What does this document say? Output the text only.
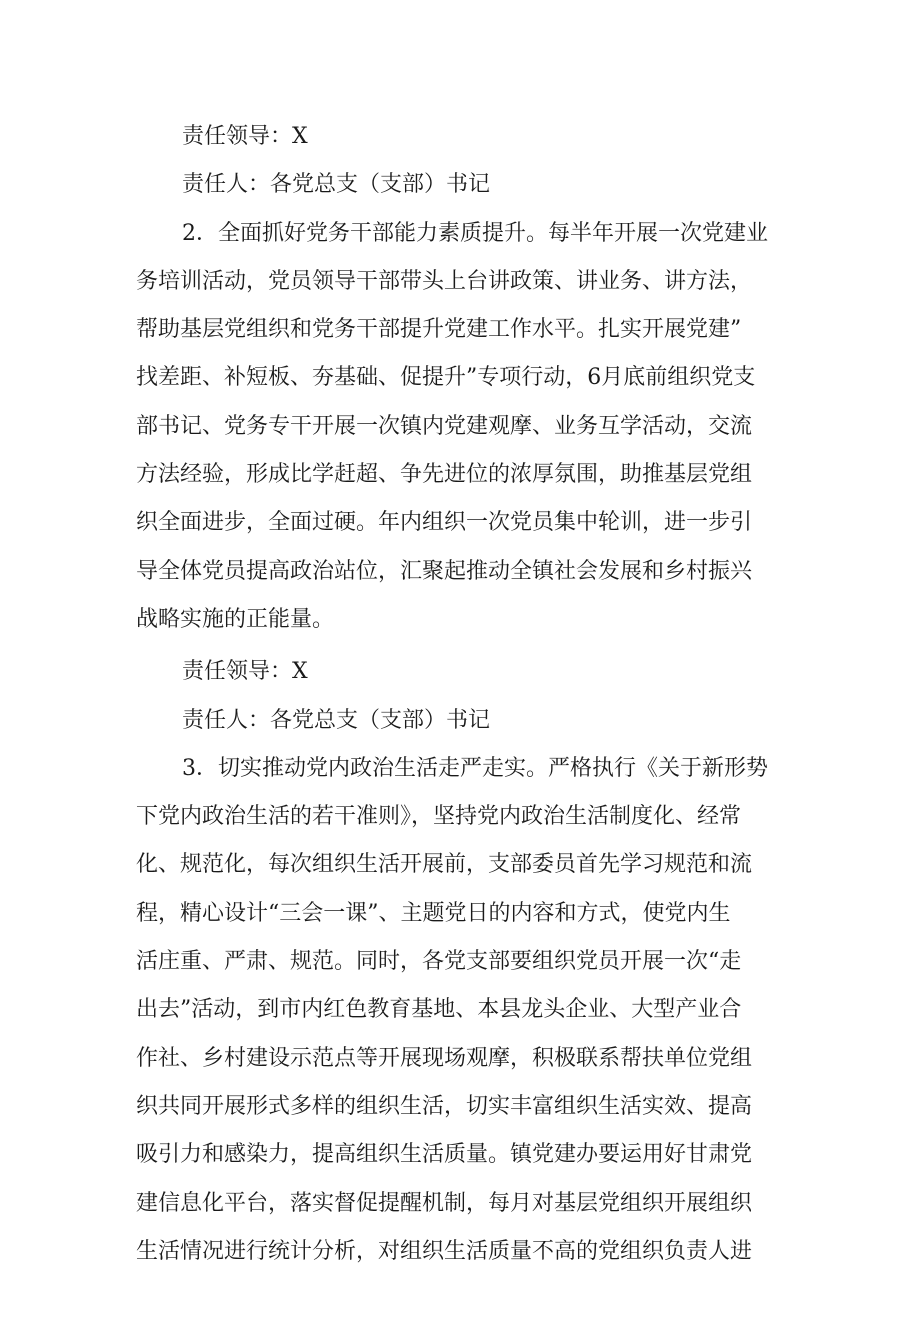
责任领导：X
责任人：各党总支（支部）书记
2．全面抓好党务干部能力素质提升。每半年开展一次党建业
务培训活动，党员领导干部带头上台讲政策、讲业务、讲方法，
帮助基层党组织和党务干部提升党建工作水平。扎实开展党建”
找差距、补短板、夯基础、促提升”专项行动，6月底前组织党支
部书记、党务专干开展一次镇内党建观摩、业务互学活动，交流
方法经验，形成比学赶超、争先进位的浓厚氛围，助推基层党组
织全面进步，全面过硬。年内组织一次党员集中轮训，进一步引
导全体党员提高政治站位，汇聚起推动全镇社会发展和乡村振兴
战略实施的正能量。
责任领导：X
责任人：各党总支（支部）书记
3．切实推动党内政治生活走严走实。严格执行《关于新形势
下党内政治生活的若干准则》，坚持党内政治生活制度化、经常
化、规范化，每次组织生活开展前，支部委员首先学习规范和流
程，精心设计“三会一课”、主题党日的内容和方式，使党内生
活庄重、严肃、规范。同时，各党支部要组织党员开展一次“走
出去”活动，到市内红色教育基地、本县龙头企业、大型产业合
作社、乡村建设示范点等开展现场观摩，积极联系帮扶单位党组
织共同开展形式多样的组织生活，切实丰富组织生活实效、提高
吸引力和感染力，提高组织生活质量。镇党建办要运用好甘肃党
建信息化平台，落实督促提醒机制，每月对基层党组织开展组织
生活情况进行统计分析，对组织生活质量不高的党组织负责人进
